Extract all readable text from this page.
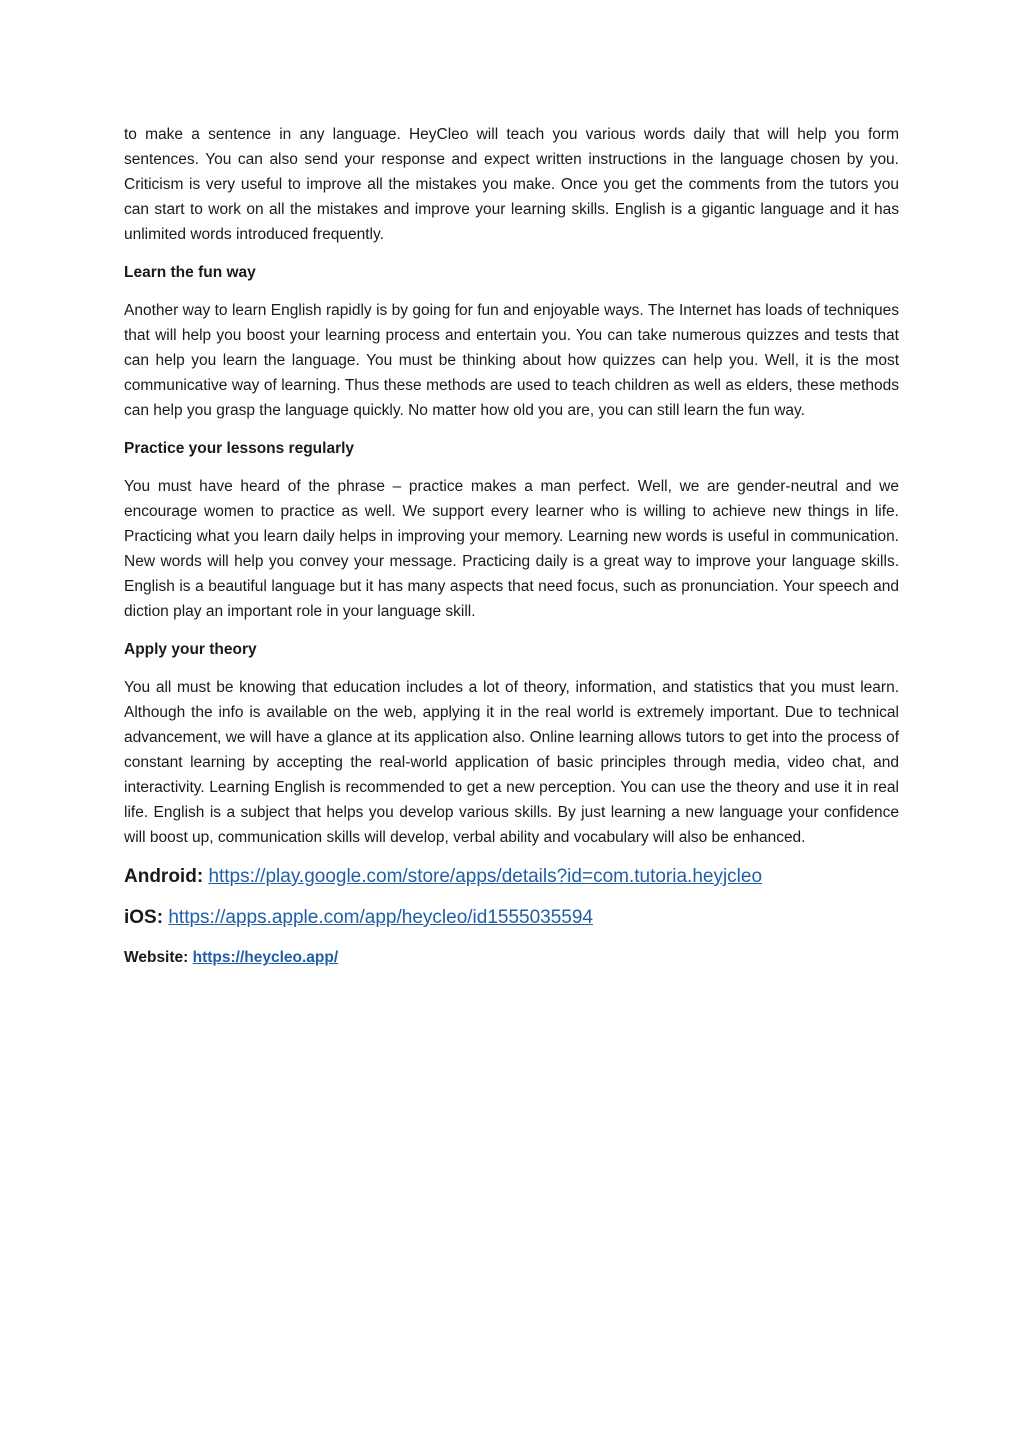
to make a sentence in any language. HeyCleo will teach you various words daily that will help you form sentences. You can also send your response and expect written instructions in the language chosen by you. Criticism is very useful to improve all the mistakes you make. Once you get the comments from the tutors you can start to work on all the mistakes and improve your learning skills. English is a gigantic language and it has unlimited words introduced frequently.

Learn the fun way

Another way to learn English rapidly is by going for fun and enjoyable ways. The Internet has loads of techniques that will help you boost your learning process and entertain you. You can take numerous quizzes and tests that can help you learn the language. You must be thinking about how quizzes can help you. Well, it is the most communicative way of learning. Thus these methods are used to teach children as well as elders, these methods can help you grasp the language quickly. No matter how old you are, you can still learn the fun way.

Practice your lessons regularly

You must have heard of the phrase – practice makes a man perfect. Well, we are gender-neutral and we encourage women to practice as well. We support every learner who is willing to achieve new things in life. Practicing what you learn daily helps in improving your memory. Learning new words is useful in communication. New words will help you convey your message. Practicing daily is a great way to improve your language skills. English is a beautiful language but it has many aspects that need focus, such as pronunciation. Your speech and diction play an important role in your language skill.

Apply your theory

You all must be knowing that education includes a lot of theory, information, and statistics that you must learn. Although the info is available on the web, applying it in the real world is extremely important. Due to technical advancement, we will have a glance at its application also. Online learning allows tutors to get into the process of constant learning by accepting the real-world application of basic principles through media, video chat, and interactivity. Learning English is recommended to get a new perception. You can use the theory and use it in real life. English is a subject that helps you develop various skills. By just learning a new language your confidence will boost up, communication skills will develop, verbal ability and vocabulary will also be enhanced.

Android: https://play.google.com/store/apps/details?id=com.tutoria.heyjcleo

iOS: https://apps.apple.com/app/heycleo/id1555035594

Website: https://heycleo.app/
